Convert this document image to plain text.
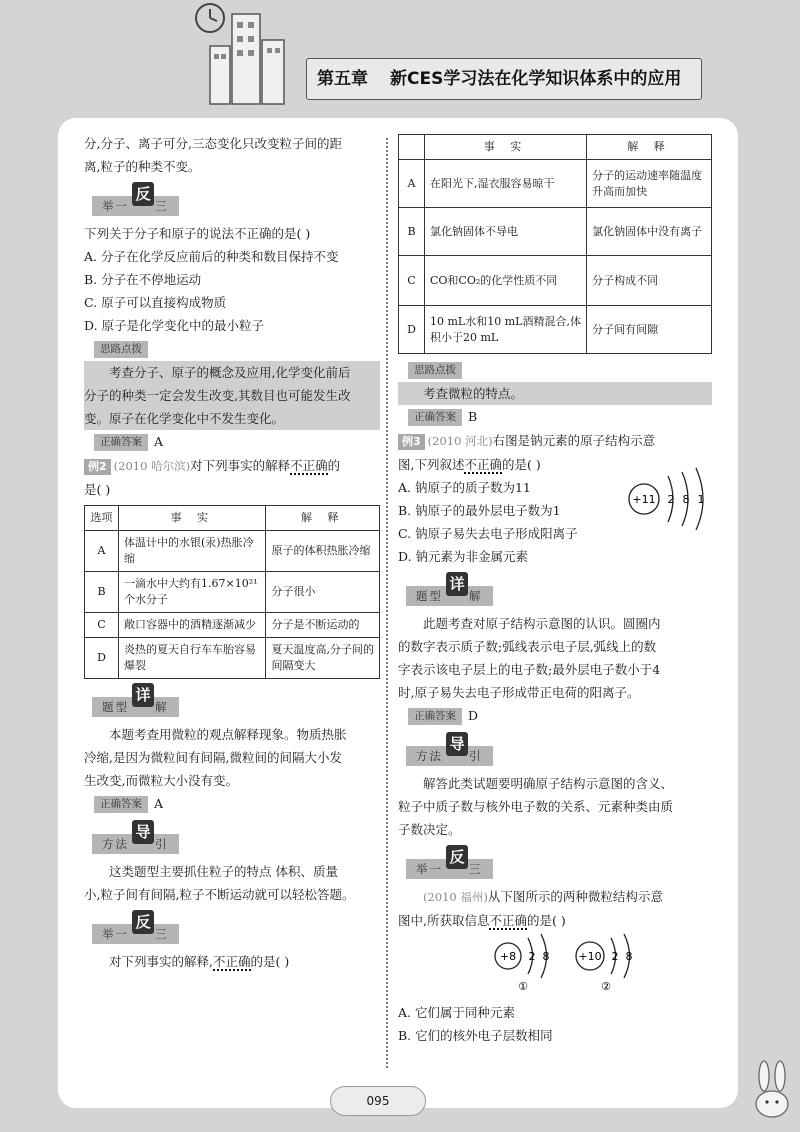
第五章 新CES学习法在化学知识体系中的应用

分,分子、离子可分,三态变化只改变粒子间的距

离,粒子的种类不变。

举一 三
反

下列关于分子和原子的说法不正确的是( )

A. 分子在化学反应前后的种类和数目保持不变

B. 分子在不停地运动

C. 原子可以直接构成物质

D. 原子是化学变化中的最小粒子

思路点拨

考查分子、原子的概念及应用,化学变化前后

分子的种类一定会发生改变,其数目也可能发生改

变。原子在化学变化中不发生变化。

正确答案 A

例2 (2010 哈尔滨)对下列事实的解释不正确的

是( )

选项	事 实	解 释
A	体温计中的水银(汞)热胀冷缩	原子的体积热胀冷缩
B	一滴水中大约有1.67×10²¹个水分子	分子很小
C	敞口容器中的酒精逐渐减少	分子是不断运动的
D	炎热的夏天自行车车胎容易爆裂	夏天温度高,分子间的间隔变大
题型 解
详

本题考查用微粒的观点解释现象。物质热胀

冷缩,是因为微粒间有间隔,微粒间的间隔大小发

生改变,而微粒大小没有变。

正确答案 A

方法 引
导

这类题型主要抓住粒子的特点 体积、质量

小,粒子间有间隔,粒子不断运动就可以轻松答题。

举一 三
反

对下列事实的解释,不正确的是( )

	事 实	解 释
A	在阳光下,湿衣服容易晾干	分子的运动速率随温度升高而加快
B	氯化钠固体不导电	氯化钠固体中没有离子
C	CO和CO₂的化学性质不同	分子构成不同
D	10 mL水和10 mL酒精混合,体积小于20 mL	分子间有间隙
思路点拨

考查微粒的特点。

正确答案 B

例3 (2010 河北)右图是钠元素的原子结构示意

图,下列叙述不正确的是( )

A. 钠原子的质子数为11

B. 钠原子的最外层电子数为1

C. 钠原子易失去电子形成阳离子

D. 钠元素为非金属元素

+11 2 8 1
题型 解
详

此题考查对原子结构示意图的认识。圆圈内

的数字表示质子数;弧线表示电子层,弧线上的数

字表示该电子层上的电子数;最外层电子数小于4

时,原子易失去电子形成带正电荷的阳离子。

正确答案 D

方法 引
导

解答此类试题要明确原子结构示意图的含义、

粒子中质子数与核外电子数的关系、元素种类由质

子数决定。

举一 三
反

(2010 福州)从下图所示的两种微粒结构示意

图中,所获取信息不正确的是( )

+8 2 8
①
+10 2 8
②

A. 它们属于同种元素

B. 它们的核外电子层数相同

095
